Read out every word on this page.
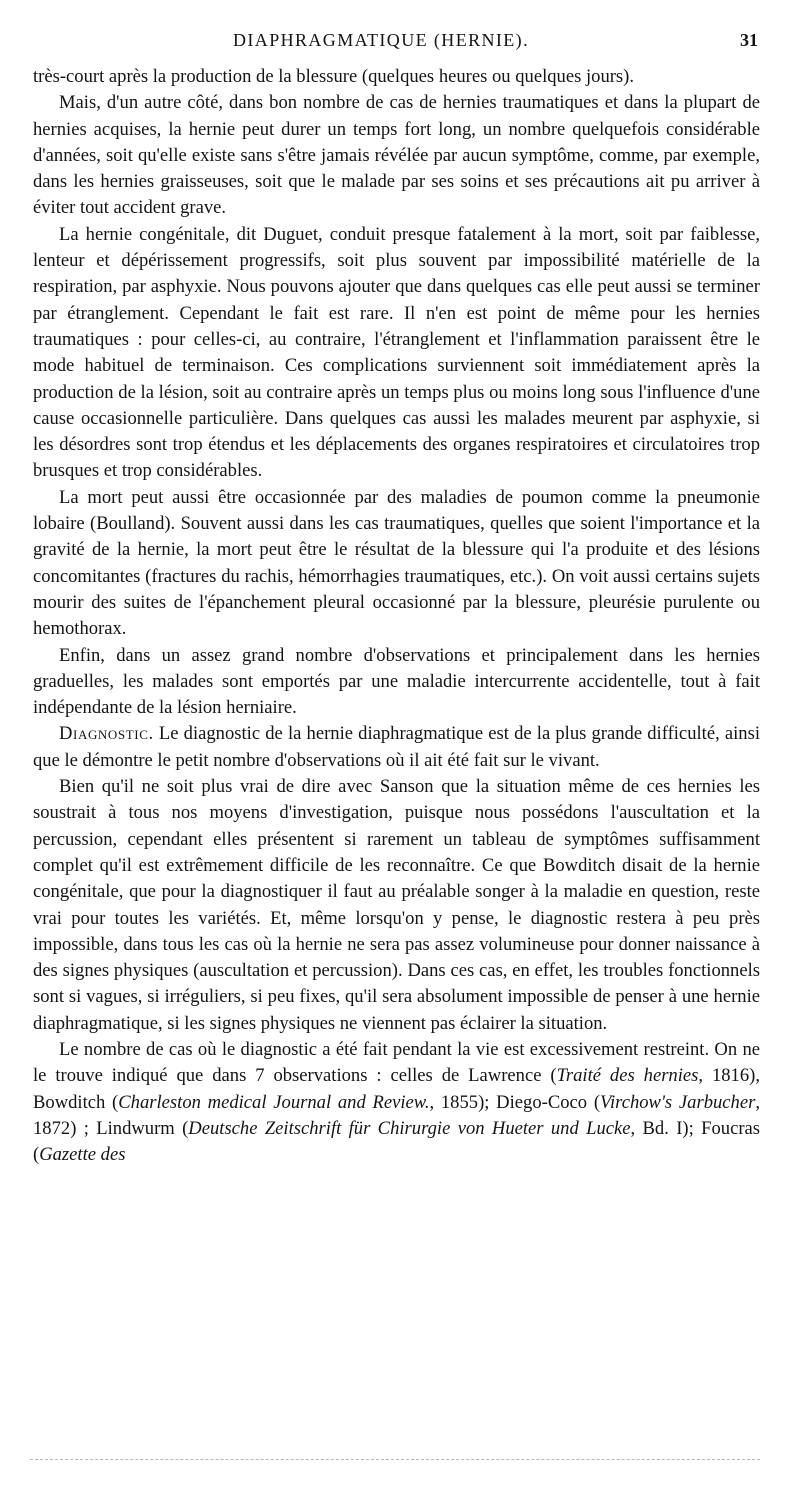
DIAPHRAGMATIQUE (HERNIE).	31

très-court après la production de la blessure (quelques heures ou quelques jours).

Mais, d'un autre côté, dans bon nombre de cas de hernies traumatiques et dans la plupart de hernies acquises, la hernie peut durer un temps fort long, un nombre quelquefois considérable d'années, soit qu'elle existe sans s'être jamais révélée par aucun symptôme, comme, par exemple, dans les hernies graisseuses, soit que le malade par ses soins et ses précautions ait pu arriver à éviter tout accident grave.

La hernie congénitale, dit Duguet, conduit presque fatalement à la mort, soit par faiblesse, lenteur et dépérissement progressifs, soit plus souvent par impossibilité matérielle de la respiration, par asphyxie. Nous pouvons ajouter que dans quelques cas elle peut aussi se terminer par étranglement. Cependant le fait est rare. Il n'en est point de même pour les hernies traumatiques : pour celles-ci, au contraire, l'étranglement et l'inflammation paraissent être le mode habituel de terminaison. Ces complications surviennent soit immédiatement après la production de la lésion, soit au contraire après un temps plus ou moins long sous l'influence d'une cause occasionnelle particulière. Dans quelques cas aussi les malades meurent par asphyxie, si les désordres sont trop étendus et les déplacements des organes respiratoires et circulatoires trop brusques et trop considérables.

La mort peut aussi être occasionnée par des maladies de poumon comme la pneumonie lobaire (Boulland). Souvent aussi dans les cas traumatiques, quelles que soient l'importance et la gravité de la hernie, la mort peut être le résultat de la blessure qui l'a produite et des lésions concomitantes (fractures du rachis, hémorrhagies traumatiques, etc.). On voit aussi certains sujets mourir des suites de l'épanchement pleural occasionné par la blessure, pleurésie purulente ou hemothorax.

Enfin, dans un assez grand nombre d'observations et principalement dans les hernies graduelles, les malades sont emportés par une maladie intercurrente accidentelle, tout à fait indépendante de la lésion herniaire.

Diagnostic. Le diagnostic de la hernie diaphragmatique est de la plus grande difficulté, ainsi que le démontre le petit nombre d'observations où il ait été fait sur le vivant.

Bien qu'il ne soit plus vrai de dire avec Sanson que la situation même de ces hernies les soustrait à tous nos moyens d'investigation, puisque nous possédons l'auscultation et la percussion, cependant elles présentent si rarement un tableau de symptômes suffisamment complet qu'il est extrêmement difficile de les reconnaître. Ce que Bowditch disait de la hernie congénitale, que pour la diagnostiquer il faut au préalable songer à la maladie en question, reste vrai pour toutes les variétés. Et, même lorsqu'on y pense, le diagnostic restera à peu près impossible, dans tous les cas où la hernie ne sera pas assez volumineuse pour donner naissance à des signes physiques (auscultation et percussion). Dans ces cas, en effet, les troubles fonctionnels sont si vagues, si irréguliers, si peu fixes, qu'il sera absolument impossible de penser à une hernie diaphragmatique, si les signes physiques ne viennent pas éclairer la situation.

Le nombre de cas où le diagnostic a été fait pendant la vie est excessivement restreint. On ne le trouve indiqué que dans 7 observations : celles de Lawrence (Traité des hernies, 1816), Bowditch (Charleston medical Journal and Review., 1855); Diego-Coco (Virchow's Jarbucher, 1872) ; Lindwurm (Deutsche Zeitschrift für Chirurgie von Hueter und Lucke, Bd. I); Foucras (Gazette des
